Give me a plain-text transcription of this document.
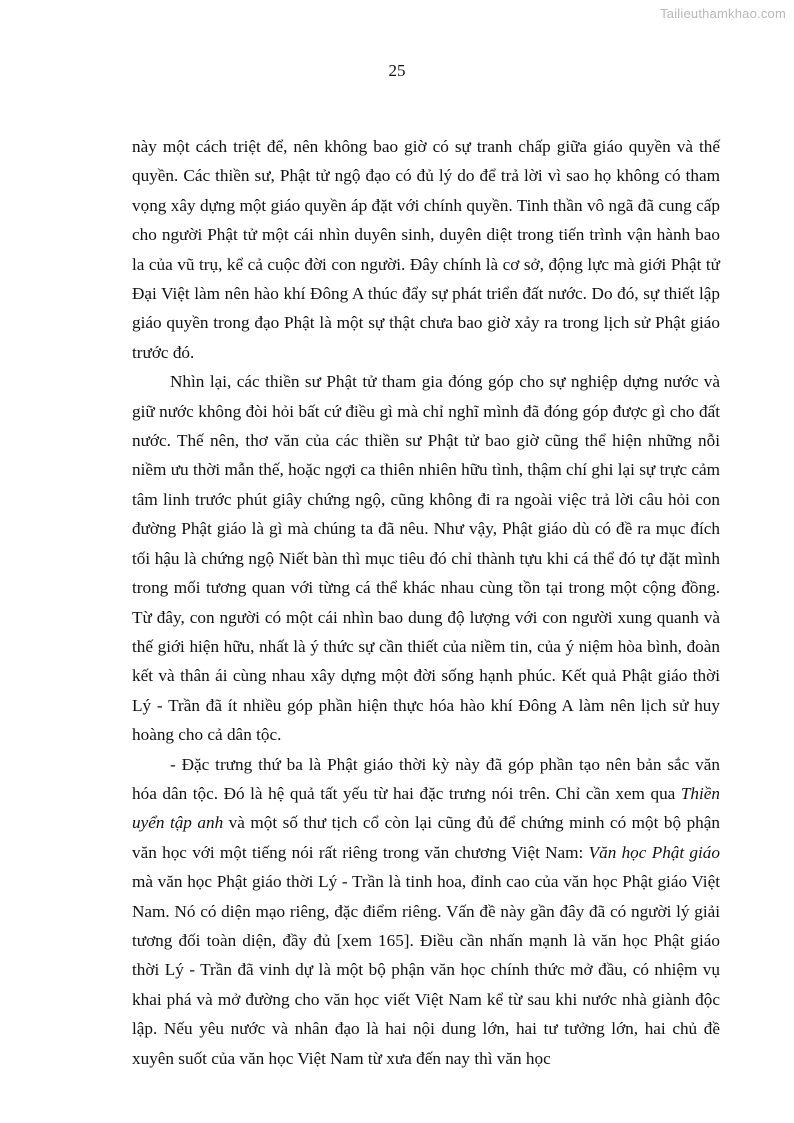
Tailieuthamkhao.com
25

này một cách triệt để, nên không bao giờ có sự tranh chấp giữa giáo quyền và thế quyền. Các thiền sư, Phật tử ngộ đạo có đủ lý do để trả lời vì sao họ không có tham vọng xây dựng một giáo quyền áp đặt với chính quyền. Tinh thần vô ngã đã cung cấp cho người Phật tử một cái nhìn duyên sinh, duyên diệt trong tiến trình vận hành bao la của vũ trụ, kể cả cuộc đời con người. Đây chính là cơ sở, động lực mà giới Phật tử Đại Việt làm nên hào khí Đông A thúc đẩy sự phát triển đất nước. Do đó, sự thiết lập giáo quyền trong đạo Phật là một sự thật chưa bao giờ xảy ra trong lịch sử Phật giáo trước đó.

Nhìn lại, các thiền sư Phật tử tham gia đóng góp cho sự nghiệp dựng nước và giữ nước không đòi hỏi bất cứ điều gì mà chỉ nghĩ mình đã đóng góp được gì cho đất nước. Thế nên, thơ văn của các thiền sư Phật tử bao giờ cũng thể hiện những nỗi niềm ưu thời mẫn thế, hoặc ngợi ca thiên nhiên hữu tình, thậm chí ghi lại sự trực cảm tâm linh trước phút giây chứng ngộ, cũng không đi ra ngoài việc trả lời câu hỏi con đường Phật giáo là gì mà chúng ta đã nêu. Như vậy, Phật giáo dù có đề ra mục đích tối hậu là chứng ngộ Niết bàn thì mục tiêu đó chỉ thành tựu khi cá thể đó tự đặt mình trong mối tương quan với từng cá thể khác nhau cùng tồn tại trong một cộng đồng. Từ đây, con người có một cái nhìn bao dung độ lượng với con người xung quanh và thế giới hiện hữu, nhất là ý thức sự cần thiết của niềm tin, của ý niệm hòa bình, đoàn kết và thân ái cùng nhau xây dựng một đời sống hạnh phúc. Kết quả Phật giáo thời Lý - Trần đã ít nhiều góp phần hiện thực hóa hào khí Đông A làm nên lịch sử huy hoàng cho cả dân tộc.

- Đặc trưng thứ ba là Phật giáo thời kỳ này đã góp phần tạo nên bản sắc văn hóa dân tộc. Đó là hệ quả tất yếu từ hai đặc trưng nói trên. Chỉ cần xem qua Thiền uyển tập anh và một số thư tịch cổ còn lại cũng đủ để chứng minh có một bộ phận văn học với một tiếng nói rất riêng trong văn chương Việt Nam: Văn học Phật giáo mà văn học Phật giáo thời Lý - Trần là tinh hoa, đỉnh cao của văn học Phật giáo Việt Nam. Nó có diện mạo riêng, đặc điểm riêng. Vấn đề này gần đây đã có người lý giải tương đối toàn diện, đầy đủ [xem 165]. Điều cần nhấn mạnh là văn học Phật giáo thời Lý - Trần đã vinh dự là một bộ phận văn học chính thức mở đầu, có nhiệm vụ khai phá và mở đường cho văn học viết Việt Nam kể từ sau khi nước nhà giành độc lập. Nếu yêu nước và nhân đạo là hai nội dung lớn, hai tư tưởng lớn, hai chủ đề xuyên suốt của văn học Việt Nam từ xưa đến nay thì văn học
